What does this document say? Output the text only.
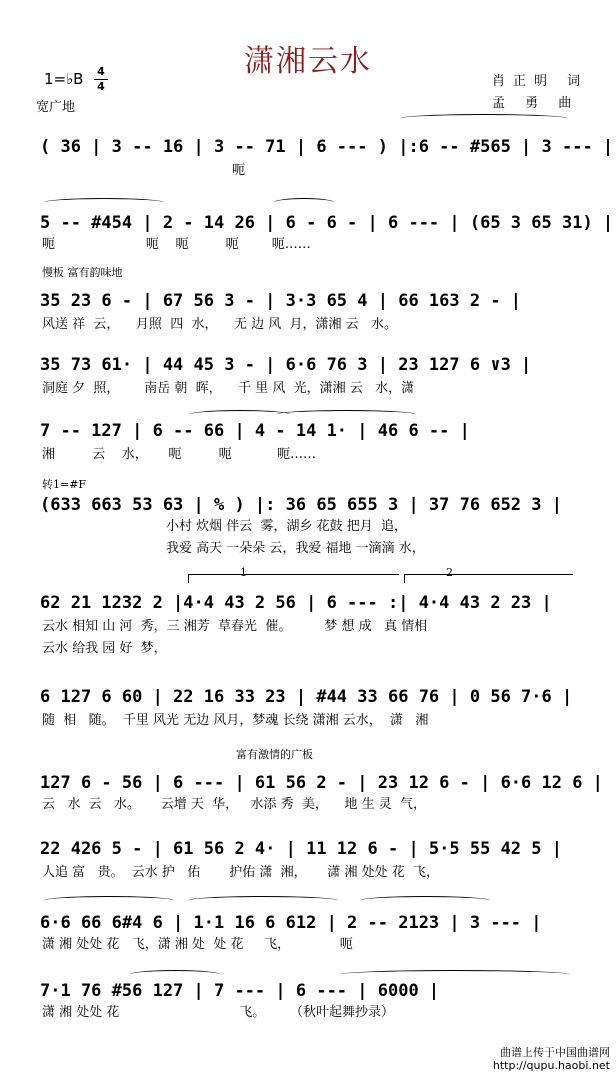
潇湘云水
1=♭B 4
4
宽广地
肖正明 词
孟 勇 曲
( 36 | 3 -- 16 | 3 -- 71 | 6 --- ) |:6 -- #565 | 3 --- |
呃
5 -- #454 | 2 - 14 26 | 6 - 6 - | 6 --- | (65 3 65 31) |
呃                      呃    呃         呃        呃……
慢板 富有韵味地
35 23 6 - | 67 56 3 - | 3·3 65 4 | 66 163 2 - |
风送 祥  云，    月照  四  水，    无 边 风  月，潇湘 云   水。
35 73 61· | 44 45 3 - | 6·6 76 3 | 23 127 6 ∨3 |
洞庭 夕  照，      南岳 朝  晖，    千 里 风  光，潇湘 云   水，潇
7 -- 127 | 6 -- 66 | 4 - 14 1· | 46 6 -- |
湘         云    水，     呃         呃           呃……
转1=#F
(633 663 53 63 | % ) |: 36 65 655 3 | 37 76 652 3 |
小村 炊烟 伴云  雾，湖乡 花鼓 把月  追，
我爱 高天 一朵朵 云，我爱 福地 一滴滴 水，
1	2
62 21 1232 2 |4·4 43 2 56 | 6 --- :| 4·4 43 2 23 |
云水 相知 山 河  秀，三 湘芳  草春光  催。        梦 想 成   真 情相
云水 给我 园 好  梦，
6 127 6 60 | 22 16 33 23 | #44 33 66 76 | 0 56 7·6 |
随  相   随。  千里 风光 无边 风月，梦魂 长绕 潇湘 云水，  潇   湘
富有激情的广板
127 6 - 56 | 6 --- | 61 56 2 - | 23 12 6 - | 6·6 12 6 |
云   水  云   水。     云增 天  华，   水添 秀  美，    地 生 灵  气，
22 426 5 - | 61 56 2 4· | 11 12 6 - | 5·5 55 42 5 |
人追 富   贵。  云水 护   佑       护佑 潇  湘，     潇 湘 处处 花  飞，
6·6 66 6#4 6 | 1·1 16 6 612 | 2 -- 2123 | 3 --- |
潇 湘 处处 花   飞，潇 湘 处  处 花     飞，            呃
7·1 76 #56 127 | 7 --- | 6 --- | 6000 |
潇 湘 处处 花                             飞。      （秋叶起舞抄录）
曲谱上传于中国曲谱网
http://qupu.haobi.net
